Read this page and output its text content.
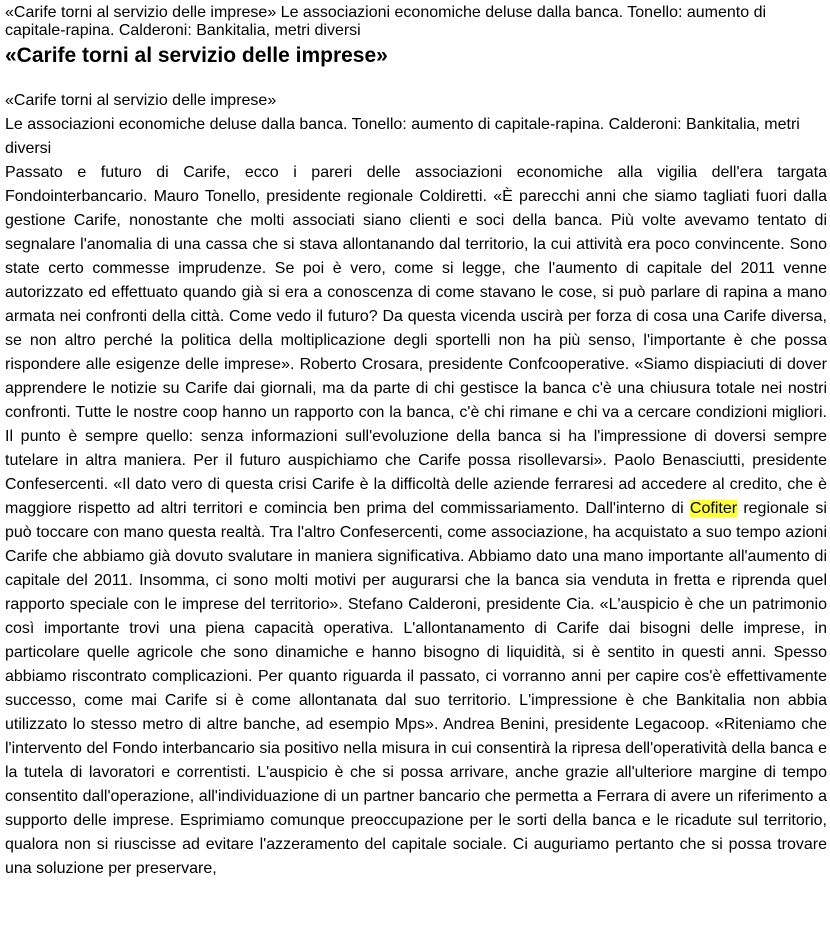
«Carife torni al servizio delle imprese» Le associazioni economiche deluse dalla banca. Tonello: aumento di capitale-rapina. Calderoni: Bankitalia, metri diversi

«Carife torni al servizio delle imprese»

«Carife torni al servizio delle imprese»

Le associazioni economiche deluse dalla banca. Tonello: aumento di capitale-rapina. Calderoni: Bankitalia, metri diversi

Passato e futuro di Carife, ecco i pareri delle associazioni economiche alla vigilia dell'era targata Fondointerbancario. Mauro Tonello, presidente regionale Coldiretti. «È parecchi anni che siamo tagliati fuori dalla gestione Carife, nonostante che molti associati siano clienti e soci della banca. Più volte avevamo tentato di segnalare l'anomalia di una cassa che si stava allontanando dal territorio, la cui attività era poco convincente. Sono state certo commesse imprudenze. Se poi è vero, come si legge, che l'aumento di capitale del 2011 venne autorizzato ed effettuato quando già si era a conoscenza di come stavano le cose, si può parlare di rapina a mano armata nei confronti della città. Come vedo il futuro? Da questa vicenda uscirà per forza di cosa una Carife diversa, se non altro perché la politica della moltiplicazione degli sportelli non ha più senso, l'importante è che possa rispondere alle esigenze delle imprese». Roberto Crosara, presidente Confcooperative. «Siamo dispiaciuti di dover apprendere le notizie su Carife dai giornali, ma da parte di chi gestisce la banca c'è una chiusura totale nei nostri confronti. Tutte le nostre coop hanno un rapporto con la banca, c'è chi rimane e chi va a cercare condizioni migliori. Il punto è sempre quello: senza informazioni sull'evoluzione della banca si ha l'impressione di doversi sempre tutelare in altra maniera. Per il futuro auspichiamo che Carife possa risollevarsi». Paolo Benasciutti, presidente Confesercenti. «Il dato vero di questa crisi Carife è la difficoltà delle aziende ferraresi ad accedere al credito, che è maggiore rispetto ad altri territori e comincia ben prima del commissariamento. Dall'interno di Cofiter regionale si può toccare con mano questa realtà. Tra l'altro Confesercenti, come associazione, ha acquistato a suo tempo azioni Carife che abbiamo già dovuto svalutare in maniera significativa. Abbiamo dato una mano importante all'aumento di capitale del 2011. Insomma, ci sono molti motivi per augurarsi che la banca sia venduta in fretta e riprenda quel rapporto speciale con le imprese del territorio». Stefano Calderoni, presidente Cia. «L'auspicio è che un patrimonio così importante trovi una piena capacità operativa. L'allontanamento di Carife dai bisogni delle imprese, in particolare quelle agricole che sono dinamiche e hanno bisogno di liquidità, si è sentito in questi anni. Spesso abbiamo riscontrato complicazioni. Per quanto riguarda il passato, ci vorranno anni per capire cos'è effettivamente successo, come mai Carife si è come allontanata dal suo territorio. L'impressione è che Bankitalia non abbia utilizzato lo stesso metro di altre banche, ad esempio Mps». Andrea Benini, presidente Legacoop. «Riteniamo che l'intervento del Fondo interbancario sia positivo nella misura in cui consentirà la ripresa dell'operatività della banca e la tutela di lavoratori e correntisti. L'auspicio è che si possa arrivare, anche grazie all'ulteriore margine di tempo consentito dall'operazione, all'individuazione di un partner bancario che permetta a Ferrara di avere un riferimento a supporto delle imprese. Esprimiamo comunque preoccupazione per le sorti della banca e le ricadute sul territorio, qualora non si riuscisse ad evitare l'azzeramento del capitale sociale. Ci auguriamo pertanto che si possa trovare una soluzione per preservare,
